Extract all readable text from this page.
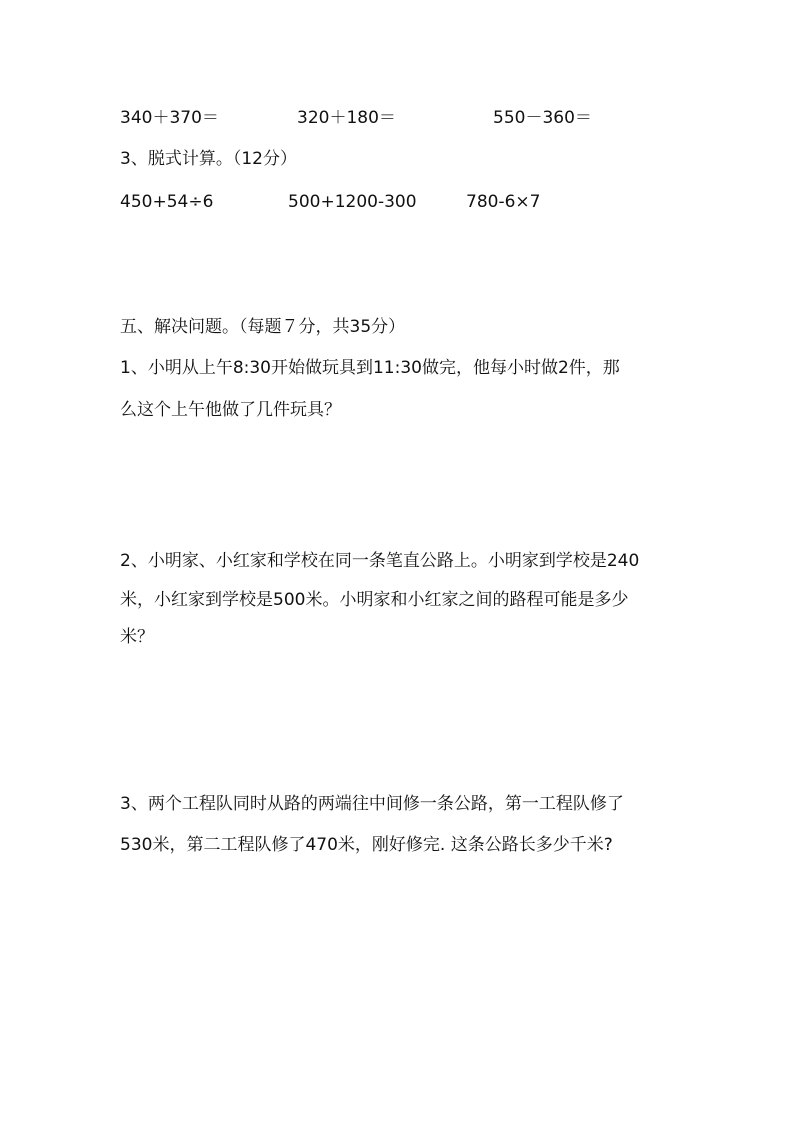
340＋370＝	320＋180＝	550－360＝
3、脱式计算。（12分）
450+54÷6	500+1200-300	780-6×7
五、解决问题。（每题７分，共35分）
1、小明从上午8:30开始做玩具到11:30做完，他每小时做2件，那
么这个上午他做了几件玩具？
2、小明家、小红家和学校在同一条笔直公路上。小明家到学校是240
米，小红家到学校是500米。小明家和小红家之间的路程可能是多少
米？
3、两个工程队同时从路的两端往中间修一条公路，第一工程队修了
530米，第二工程队修了470米，刚好修完. 这条公路长多少千米?
